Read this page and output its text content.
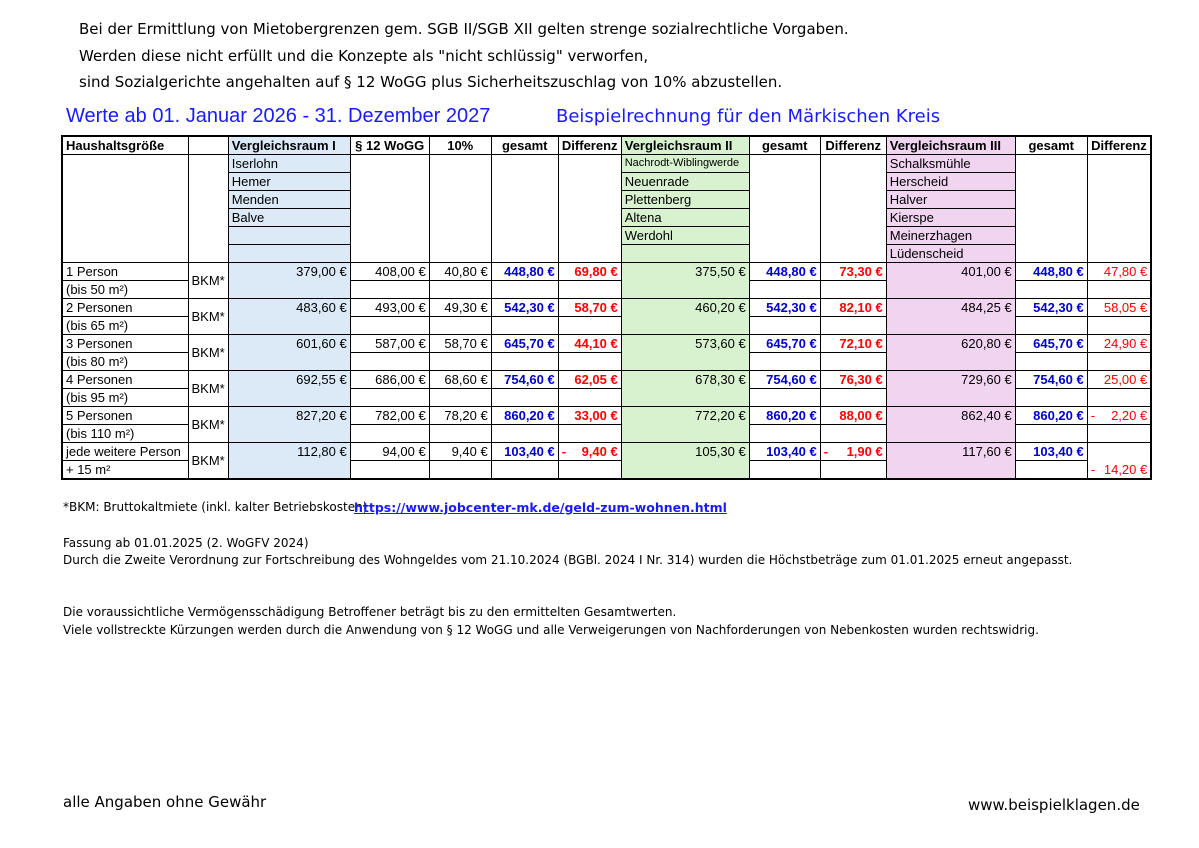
Bei der Ermittlung von Mietobergrenzen gem. SGB II/SGB XII gelten strenge sozialrechtliche Vorgaben.
Werden diese nicht erfüllt und die Konzepte als "nicht schlüssig" verworfen,
sind Sozialgerichte angehalten auf § 12 WoGG plus Sicherheitszuschlag von 10% abzustellen.
Werte ab 01. Januar 2026 - 31. Dezember 2027	Beispielrechnung für den Märkischen Kreis
Haushaltsgröße		Vergleichsraum I	§ 12 WoGG	10%	gesamt	Differenz	Vergleichsraum II	gesamt	Differenz	Vergleichsraum III	gesamt	Differenz
		Iserlohn					Nachrodt-Wiblingwerde			Schalksmühle		
		Hemer					Neuenrade			Herscheid		
		Menden					Plettenberg			Halver		
		Balve					Altena			Kierspe		
							Werdohl			Meinerzhagen		
										Lüdenscheid		
1 Person	BKM*	379,00 €	408,00 €	40,80 €	448,80 €	69,80 €	375,50 €	448,80 €	73,30 €	401,00 €	448,80 €	47,80 €
(bis 50 m²)												
2 Personen	BKM*	483,60 €	493,00 €	49,30 €	542,30 €	58,70 €	460,20 €	542,30 €	82,10 €	484,25 €	542,30 €	58,05 €
(bis 65 m²)												
3 Personen	BKM*	601,60 €	587,00 €	58,70 €	645,70 €	44,10 €	573,60 €	645,70 €	72,10 €	620,80 €	645,70 €	24,90 €
(bis 80 m²)												
4 Personen	BKM*	692,55 €	686,00 €	68,60 €	754,60 €	62,05 €	678,30 €	754,60 €	76,30 €	729,60 €	754,60 €	25,00 €
(bis 95 m²)												
5 Personen	BKM*	827,20 €	782,00 €	78,20 €	860,20 €	33,00 €	772,20 €	860,20 €	88,00 €	862,40 €	860,20 €	- 2,20 €
(bis 110 m²)												
jede weitere Person	BKM*	112,80 €	94,00 €	9,40 €	103,40 €	- 9,40 €	105,30 €	103,40 €	- 1,90 €	117,60 €	103,40 €	- 14,20 €
+ 15 m²												
*BKM: Bruttokaltmiete (inkl. kalter Betriebskosten)
https://www.jobcenter-mk.de/geld-zum-wohnen.html
Fassung ab 01.01.2025 (2. WoGFV 2024)
Durch die Zweite Verordnung zur Fortschreibung des Wohngeldes vom 21.10.2024 (BGBl. 2024 I Nr. 314) wurden die Höchstbeträge zum 01.01.2025 erneut angepasst.
Die voraussichtliche Vermögensschädigung Betroffener beträgt bis zu den ermittelten Gesamtwerten.
Viele vollstreckte Kürzungen werden durch die Anwendung von § 12 WoGG und alle Verweigerungen von Nachforderungen von Nebenkosten wurden rechtswidrig.
alle Angaben ohne Gewähr	www.beispielklagen.de
